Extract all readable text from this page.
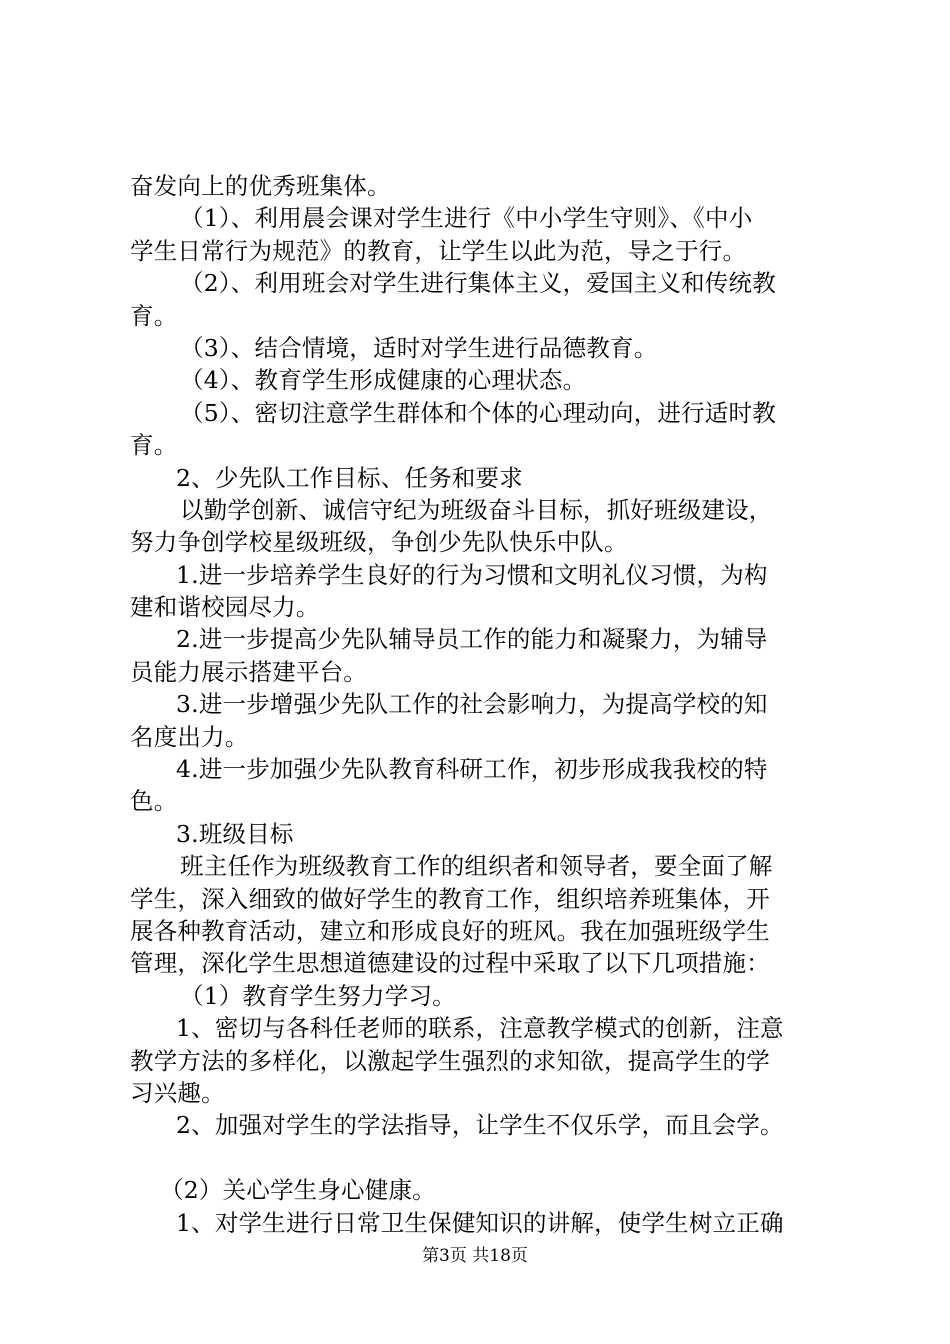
奋发向上的优秀班集体。
（1）、利用晨会课对学生进行《中小学生守则》、《中小
学生日常行为规范》的教育，让学生以此为范，导之于行。
（2）、利用班会对学生进行集体主义，爱国主义和传统教
育。
（3）、结合情境，适时对学生进行品德教育。
（4）、教育学生形成健康的心理状态。
（5）、密切注意学生群体和个体的心理动向，进行适时教
育。
2、少先队工作目标、任务和要求
以勤学创新、诚信守纪为班级奋斗目标，抓好班级建设，
努力争创学校星级班级，争创少先队快乐中队。
1.进一步培养学生良好的行为习惯和文明礼仪习惯，为构
建和谐校园尽力。
2.进一步提高少先队辅导员工作的能力和凝聚力，为辅导
员能力展示搭建平台。
3.进一步增强少先队工作的社会影响力，为提高学校的知
名度出力。
4.进一步加强少先队教育科研工作，初步形成我我校的特
色。
3.班级目标
班主任作为班级教育工作的组织者和领导者，要全面了解
学生，深入细致的做好学生的教育工作，组织培养班集体，开
展各种教育活动，建立和形成良好的班风。我在加强班级学生
管理，深化学生思想道德建设的过程中采取了以下几项措施：
（1）教育学生努力学习。
1、密切与各科任老师的联系，注意教学模式的创新，注意
教学方法的多样化，以激起学生强烈的求知欲，提高学生的学
习兴趣。
2、加强对学生的学法指导，让学生不仅乐学，而且会学。
（2）关心学生身心健康。
1、对学生进行日常卫生保健知识的讲解，使学生树立正确
第3页 共18页
